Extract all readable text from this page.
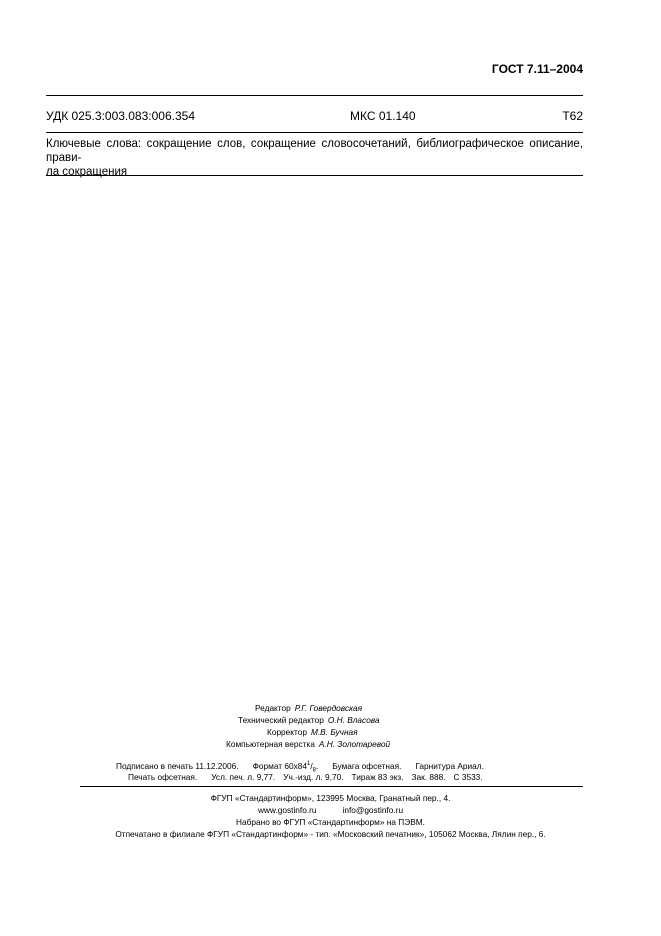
ГОСТ 7.11–2004
УДК 025.3:003.083:006.354	МКС 01.140	Т62
Ключевые слова: сокращение слов, сокращение словосочетаний, библиографическое описание, прави-
ла сокращения
Редактор Р.Г. Говердовская
Технический редактор О.Н. Власова
Корректор М.В. Бучная
Компьютерная верстка А.Н. Золотаревой
Подписано в печать 11.12.2006. Формат $60х84^1/_8$. Бумага офсетная. Гарнитура Ариал.
Печать офсетная. Усл. печ. л. 9,77. Уч.-изд. л. 9,70. Тираж 83 экз. Зак. 888. С 3533.
ФГУП «Стандартинформ», 123995 Москва, Гранатный пер., 4.
www.gostinfo.ru	info@gostinfo.ru
Набрано во ФГУП «Стандартинформ» на ПЭВМ.
Отпечатано в филиале ФГУП «Стандартинформ» - тип. «Московский печатник», 105062 Москва, Лялин пер., 6.
